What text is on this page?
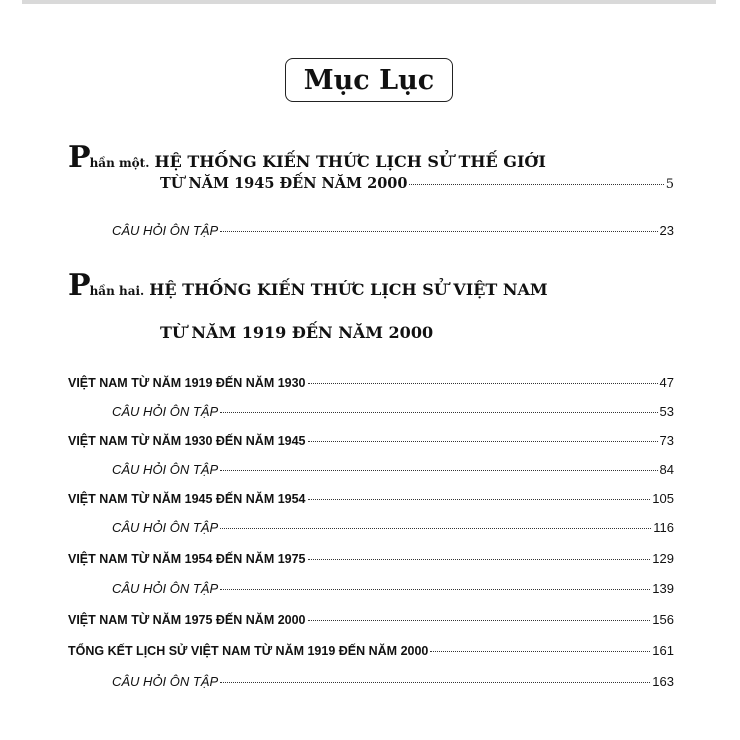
Mục Lục
Phần một. HỆ THỐNG KIẾN THỨC LỊCH SỬ THẾ GIỚI
TỪ NĂM 1945 ĐẾN NĂM 2000	5
CÂU HỎI ÔN TẬP	23
Phần hai. HỆ THỐNG KIẾN THỨC LỊCH SỬ VIỆT NAM
TỪ NĂM 1919 ĐẾN NĂM 2000
VIỆT NAM TỪ NĂM 1919 ĐẾN NĂM 1930	47
CÂU HỎI ÔN TẬP	53
VIỆT NAM TỪ NĂM 1930 ĐẾN NĂM 1945	73
CÂU HỎI ÔN TẬP	84
VIỆT NAM TỪ NĂM 1945 ĐẾN NĂM 1954	105
CÂU HỎI ÔN TẬP	116
VIỆT NAM TỪ NĂM 1954 ĐẾN NĂM 1975	129
CÂU HỎI ÔN TẬP	139
VIỆT NAM TỪ NĂM 1975 ĐẾN NĂM 2000	156
TỔNG KẾT LỊCH SỬ VIỆT NAM TỪ NĂM 1919 ĐẾN NĂM 2000	161
CÂU HỎI ÔN TẬP	163
